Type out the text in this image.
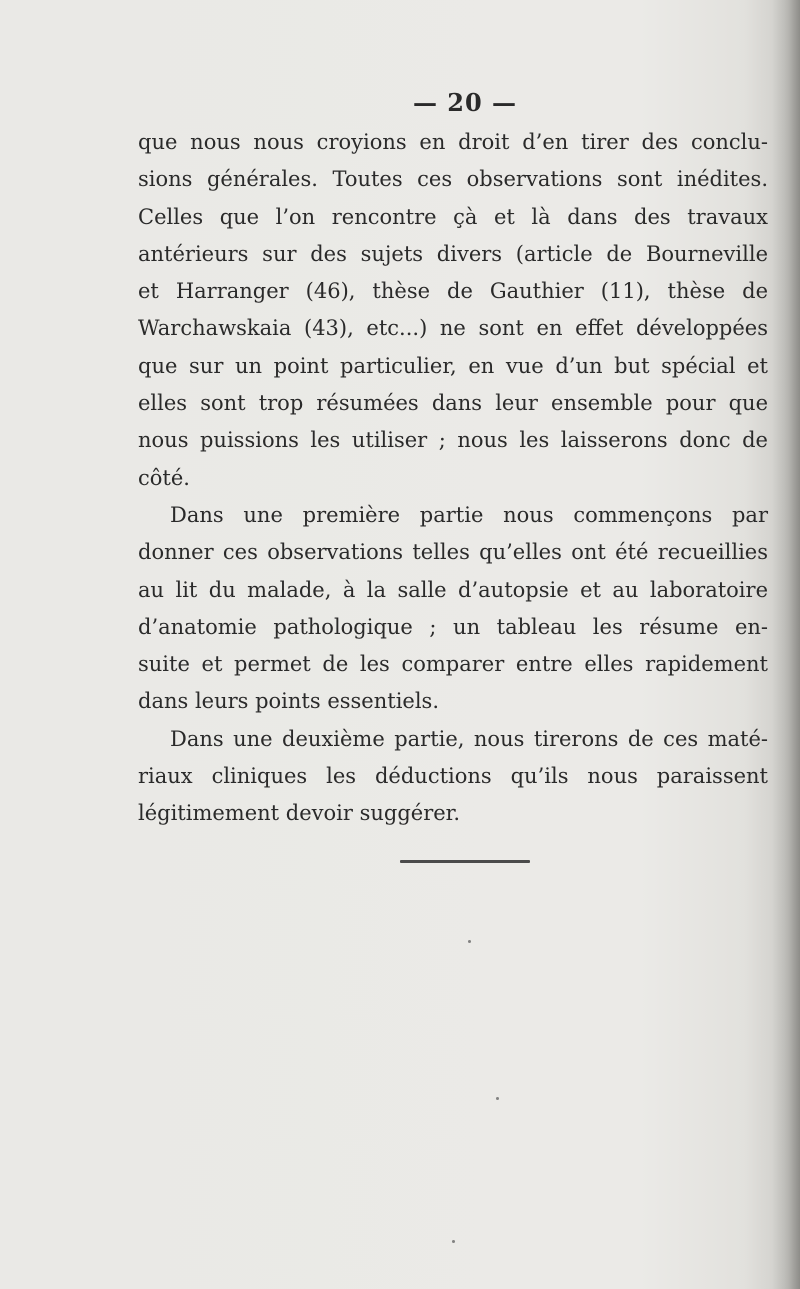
— 20 —

que nous nous croyions en droit d’en tirer des conclu-

sions générales. Toutes ces observations sont inédites.

Celles que l’on rencontre çà et là dans des travaux

antérieurs sur des sujets divers (article de Bourneville

et Harranger (46), thèse de Gauthier (11), thèse de

Warchawskaia (43), etc...) ne sont en effet développées

que sur un point particulier, en vue d’un but spécial et

elles sont trop résumées dans leur ensemble pour que

nous puissions les utiliser ; nous les laisserons donc de

côté.

Dans une première partie nous commençons par

donner ces observations telles qu’elles ont été recueillies

au lit du malade, à la salle d’autopsie et au laboratoire

d’anatomie pathologique ; un tableau les résume en-

suite et permet de les comparer entre elles rapidement

dans leurs points essentiels.

Dans une deuxième partie, nous tirerons de ces maté-

riaux cliniques les déductions qu’ils nous paraissent

légitimement devoir suggérer.
